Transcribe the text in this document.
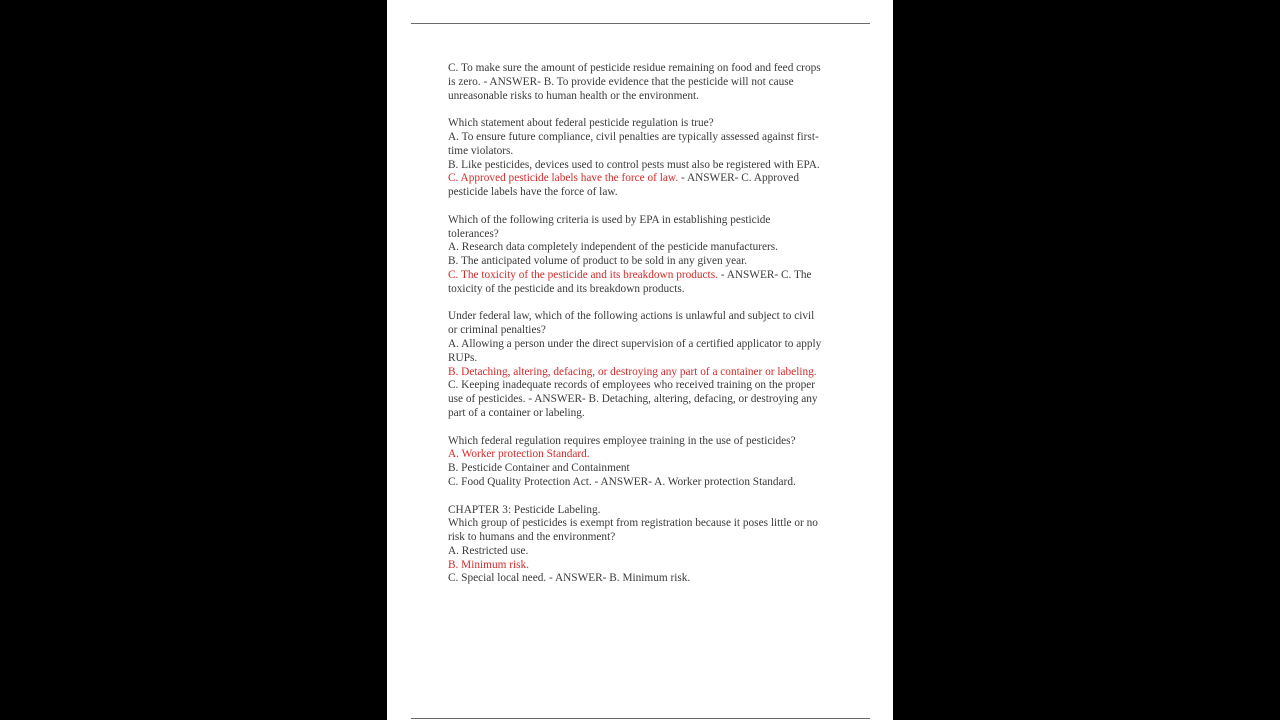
C. To make sure the amount of pesticide residue remaining on food and feed crops
is zero. - ANSWER- B. To provide evidence that the pesticide will not cause
unreasonable risks to human health or the environment.
Which statement about federal pesticide regulation is true?
A. To ensure future compliance, civil penalties are typically assessed against first-
time violators.
B. Like pesticides, devices used to control pests must also be registered with EPA.
C. Approved pesticide labels have the force of law. - ANSWER- C. Approved
pesticide labels have the force of law.
Which of the following criteria is used by EPA in establishing pesticide
tolerances?
A. Research data completely independent of the pesticide manufacturers.
B. The anticipated volume of product to be sold in any given year.
C. The toxicity of the pesticide and its breakdown products. - ANSWER- C. The
toxicity of the pesticide and its breakdown products.
Under federal law, which of the following actions is unlawful and subject to civil
or criminal penalties?
A. Allowing a person under the direct supervision of a certified applicator to apply
RUPs.
B. Detaching, altering, defacing, or destroying any part of a container or labeling.
C. Keeping inadequate records of employees who received training on the proper
use of pesticides. - ANSWER- B. Detaching, altering, defacing, or destroying any
part of a container or labeling.
Which federal regulation requires employee training in the use of pesticides?
A. Worker protection Standard.
B. Pesticide Container and Containment
C. Food Quality Protection Act. - ANSWER- A. Worker protection Standard.
CHAPTER 3: Pesticide Labeling.
Which group of pesticides is exempt from registration because it poses little or no
risk to humans and the environment?
A. Restricted use.
B. Minimum risk.
C. Special local need. - ANSWER- B. Minimum risk.
